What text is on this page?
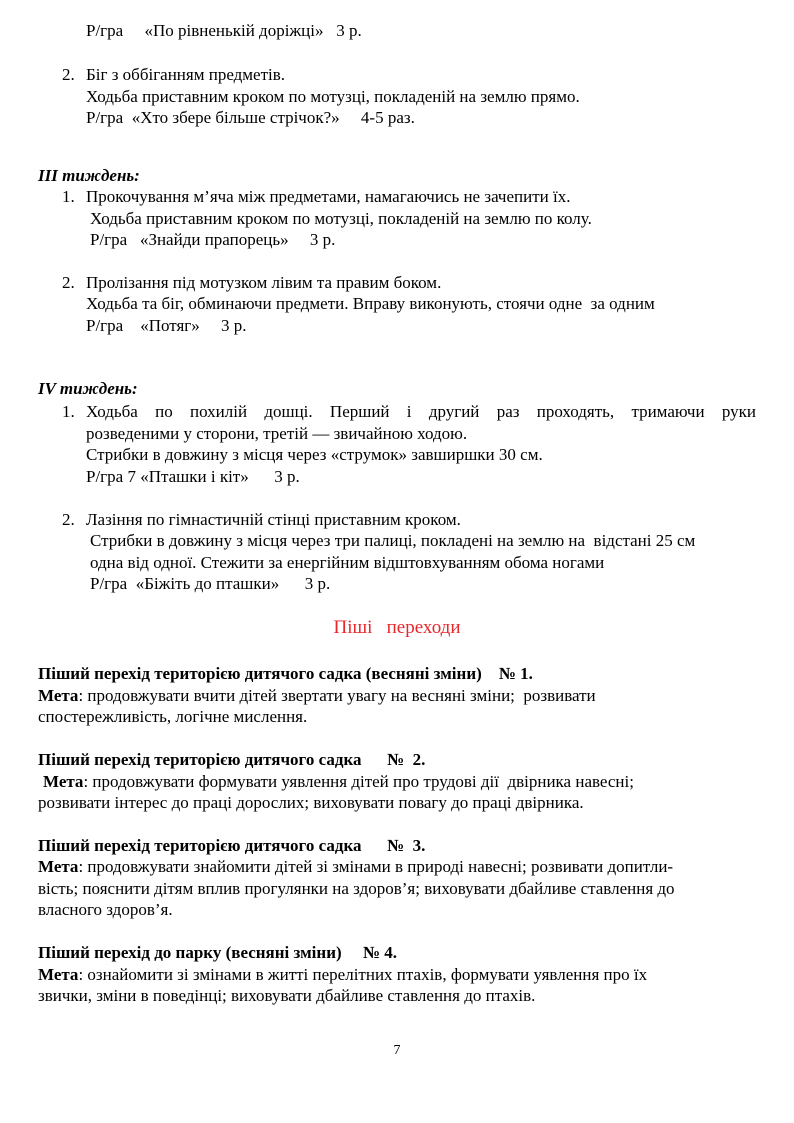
Р/гра     «По рівненькій доріжці»   3 р.
2. Біг з оббіганням предметів.
Ходьба приставним кроком по мотузці, покладеній на землю прямо.
Р/гра  «Хто збере більше стрічок?»     4-5 раз.
ІІІ тиждень:
1. Прокочування м’яча між предметами, намагаючись не зачепити їх.
Ходьба приставним кроком по мотузці, покладеній на землю по колу.
Р/гра   «Знайди прапорець»     3 р.
2. Пролізання під мотузком лівим та правим боком.
Ходьба та біг, обминаючи предмети. Вправу виконують, стоячи одне  за одним
Р/гра    «Потяг»     3 р.
IV тиждень:
1. Ходьба по похилій дошці. Перший і другий раз проходять, тримаючи руки
розведеними у сторони, третій — звичайною ходою.
Стрибки в довжину з місця через «струмок» завширшки 30 см.
Р/гра 7 «Пташки і кіт»      3 р.
2. Лазіння по гімнастичній стінці приставним кроком.
Стрибки в довжину з місця через три палиці, покладені на землю на  відстані 25 см
одна від одної. Стежити за енергійним відштовхуванням обома ногами
Р/гра  «Біжіть до пташки»      3 р.
Піші   переходи
Піший перехід територією дитячого садка (весняні зміни)    № 1.
Мета: продовжувати вчити дітей звертати увагу на весняні зміни;  розвивати
спостережливість, логічне мислення.
Піший перехід територією дитячого садка      №  2.
Мета: продовжувати формувати уявлення дітей про трудові дії  двірника навесні;
розвивати інтерес до праці дорослих; виховувати повагу до праці двірника.
Піший перехід територією дитячого садка      №  3.
Мета: продовжувати знайомити дітей зі змінами в природі навесні; розвивати допитли-
вість; пояснити дітям вплив прогулянки на здоров’я; виховувати дбайливе ставлення до
власного здоров’я.
Піший перехід до парку (весняні зміни)     № 4.
Мета: ознайомити зі змінами в житті перелітних птахів, формувати уявлення про їх
звички, зміни в поведінці; виховувати дбайливе ставлення до птахів.
7
